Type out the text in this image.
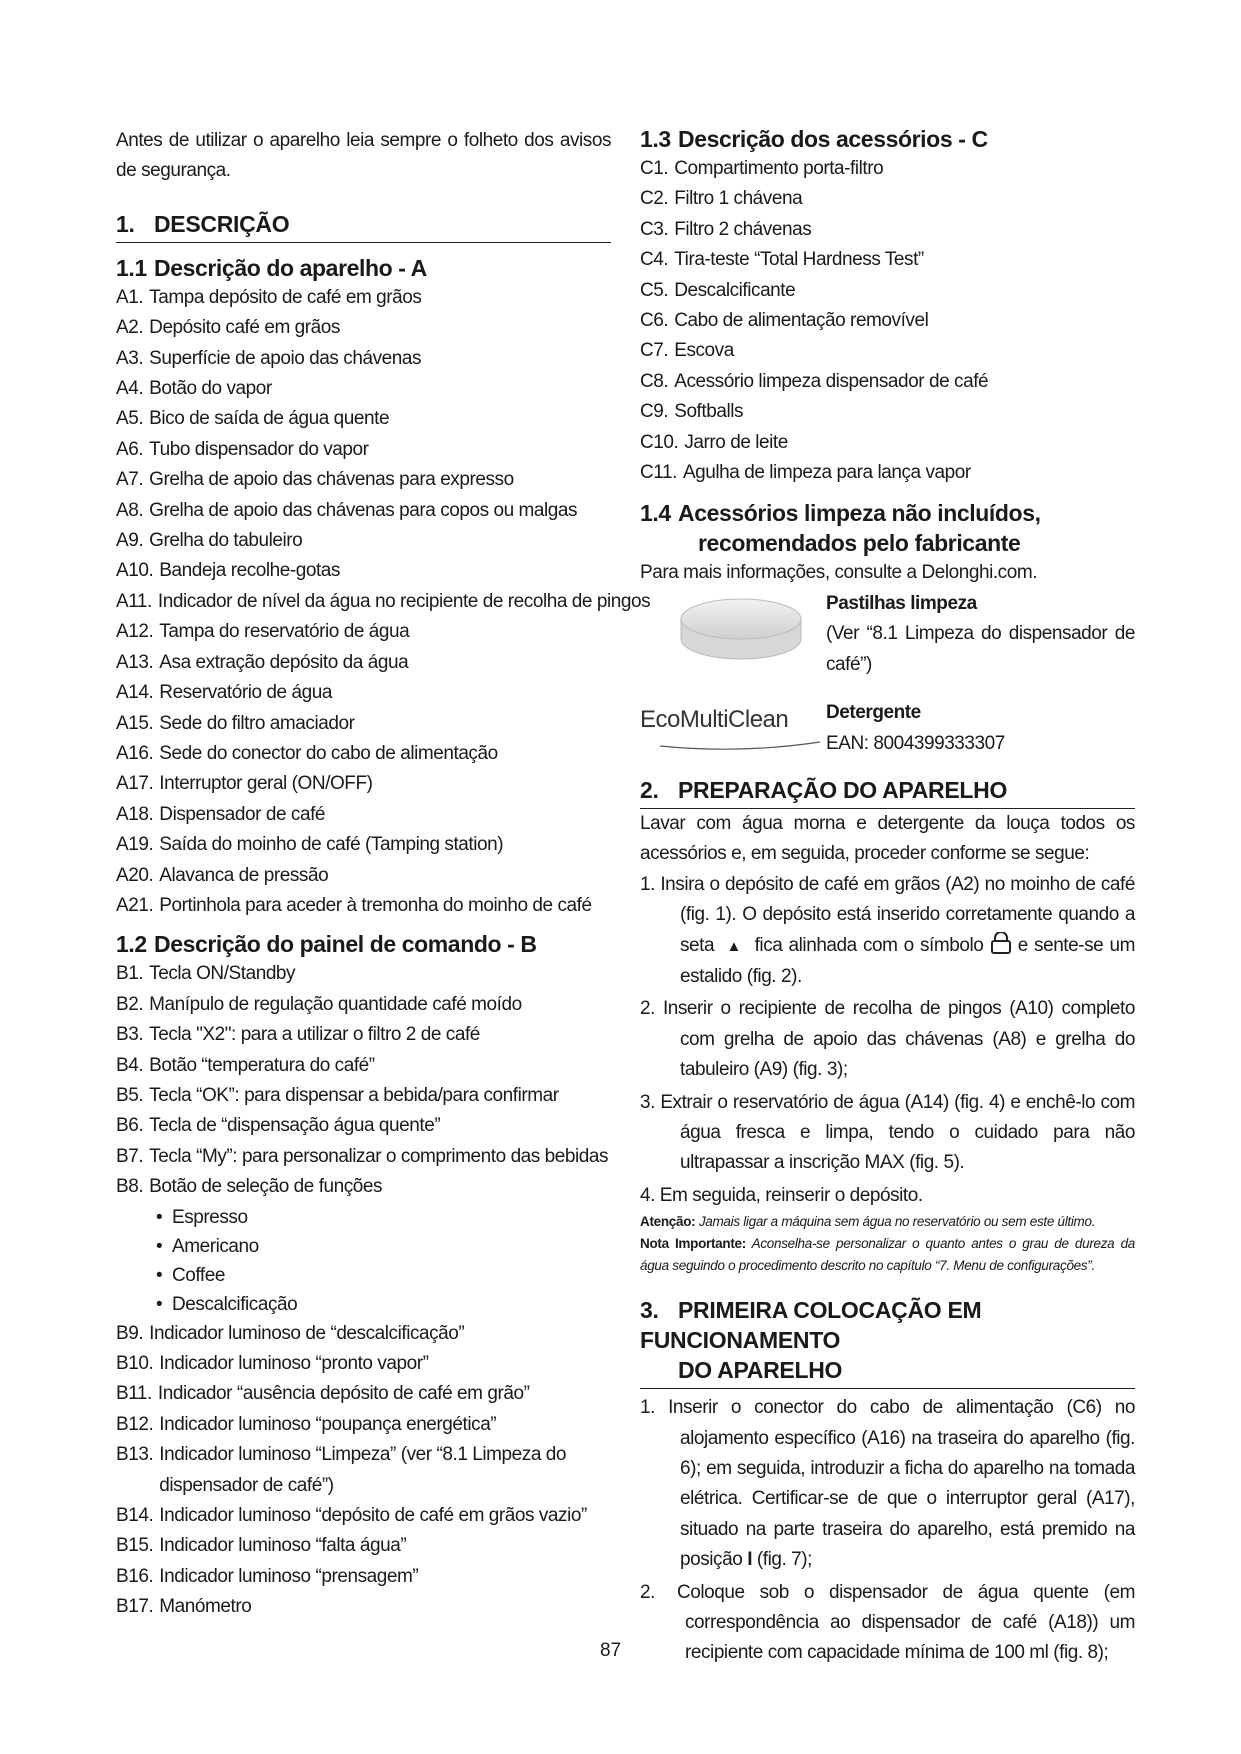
Antes de utilizar o aparelho leia sempre o folheto dos avisos de segurança.

1. DESCRIÇÃO
1.1 Descrição do aparelho - A
A1. Tampa depósito de café em grãos
A2. Depósito café em grãos
A3. Superfície de apoio das chávenas
A4. Botão do vapor
A5. Bico de saída de água quente
A6. Tubo dispensador do vapor
A7. Grelha de apoio das chávenas para expresso
A8. Grelha de apoio das chávenas para copos ou malgas
A9. Grelha do tabuleiro
A10. Bandeja recolhe-gotas
A11. Indicador de nível da água no recipiente de recolha de pingos
A12. Tampa do reservatório de água
A13. Asa extração depósito da água
A14. Reservatório de água
A15. Sede do filtro amaciador
A16. Sede do conector do cabo de alimentação
A17. Interruptor geral (ON/OFF)
A18. Dispensador de café
A19. Saída do moinho de café (Tamping station)
A20. Alavanca de pressão
A21. Portinhola para aceder à tremonha do moinho de café
1.2 Descrição do painel de comando - B
B1. Tecla ON/Standby
B2. Manípulo de regulação quantidade café moído
B3. Tecla "X2": para a utilizar o filtro 2 de café
B4. Botão “temperatura do café”
B5. Tecla “OK”: para dispensar a bebida/para confirmar
B6. Tecla de “dispensação água quente”
B7. Tecla “My”: para personalizar o comprimento das bebidas
B8. Botão de seleção de funções
• Espresso
• Americano
• Coffee
• Descalcificação
B9. Indicador luminoso de “descalcificação”
B10. Indicador luminoso “pronto vapor”
B11. Indicador “ausência depósito de café em grão”
B12. Indicador luminoso “poupança energética”
B13. Indicador luminoso “Limpeza” (ver “8.1 Limpeza do dispensador de café”)
B14. Indicador luminoso “depósito de café em grãos vazio”
B15. Indicador luminoso “falta água”
B16. Indicador luminoso “prensagem”
B17. Manómetro
1.3 Descrição dos acessórios - C
C1. Compartimento porta-filtro
C2. Filtro 1 chávena
C3. Filtro 2 chávenas
C4. Tira-teste “Total Hardness Test”
C5. Descalcificante
C6. Cabo de alimentação removível
C7. Escova
C8. Acessório limpeza dispensador de café
C9. Softballs
C10. Jarro de leite
C11. Agulha de limpeza para lança vapor
1.4 Acessórios limpeza não incluídos,
recomendados pelo fabricante

Para mais informações, consulte a Delonghi.com.

Pastilhas limpeza
(Ver “8.1 Limpeza do dispensador de café”)
EcoMultiClean Detergente
EAN: 8004399333307
2. PREPARAÇÃO DO APARELHO

Lavar com água morna e detergente da louça todos os acessórios e, em seguida, proceder conforme se segue:

1. Insira o depósito de café em grãos (A2) no moinho de café (fig. 1). O depósito está inserido corretamente quando a seta ▲ fica alinhada com o símbolo e sente-se um estalido (fig. 2).
2. Inserir o recipiente de recolha de pingos (A10) completo com grelha de apoio das chávenas (A8) e grelha do tabuleiro (A9) (fig. 3);
3. Extrair o reservatório de água (A14) (fig. 4) e enchê-lo com água fresca e limpa, tendo o cuidado para não ultrapassar a inscrição MAX (fig. 5).
4. Em seguida, reinserir o depósito.

Atenção: Jamais ligar a máquina sem água no reservatório ou sem este último.

Nota Importante: Aconselha-se personalizar o quanto antes o grau de dureza da água seguindo o procedimento descrito no capítulo “7. Menu de configurações”.

3. PRIMEIRA COLOCAÇÃO EM FUNCIONAMENTO
DO APARELHO
1. Inserir o conector do cabo de alimentação (C6) no alojamento específico (A16) na traseira do aparelho (fig. 6); em seguida, introduzir a ficha do aparelho na tomada elétrica. Certificar-se de que o interruptor geral (A17), situado na parte traseira do aparelho, está premido na posição I (fig. 7);
2. Coloque sob o dispensador de água quente (em correspondência ao dispensador de café (A18)) um recipiente com capacidade mínima de 100 ml (fig. 8);
87
